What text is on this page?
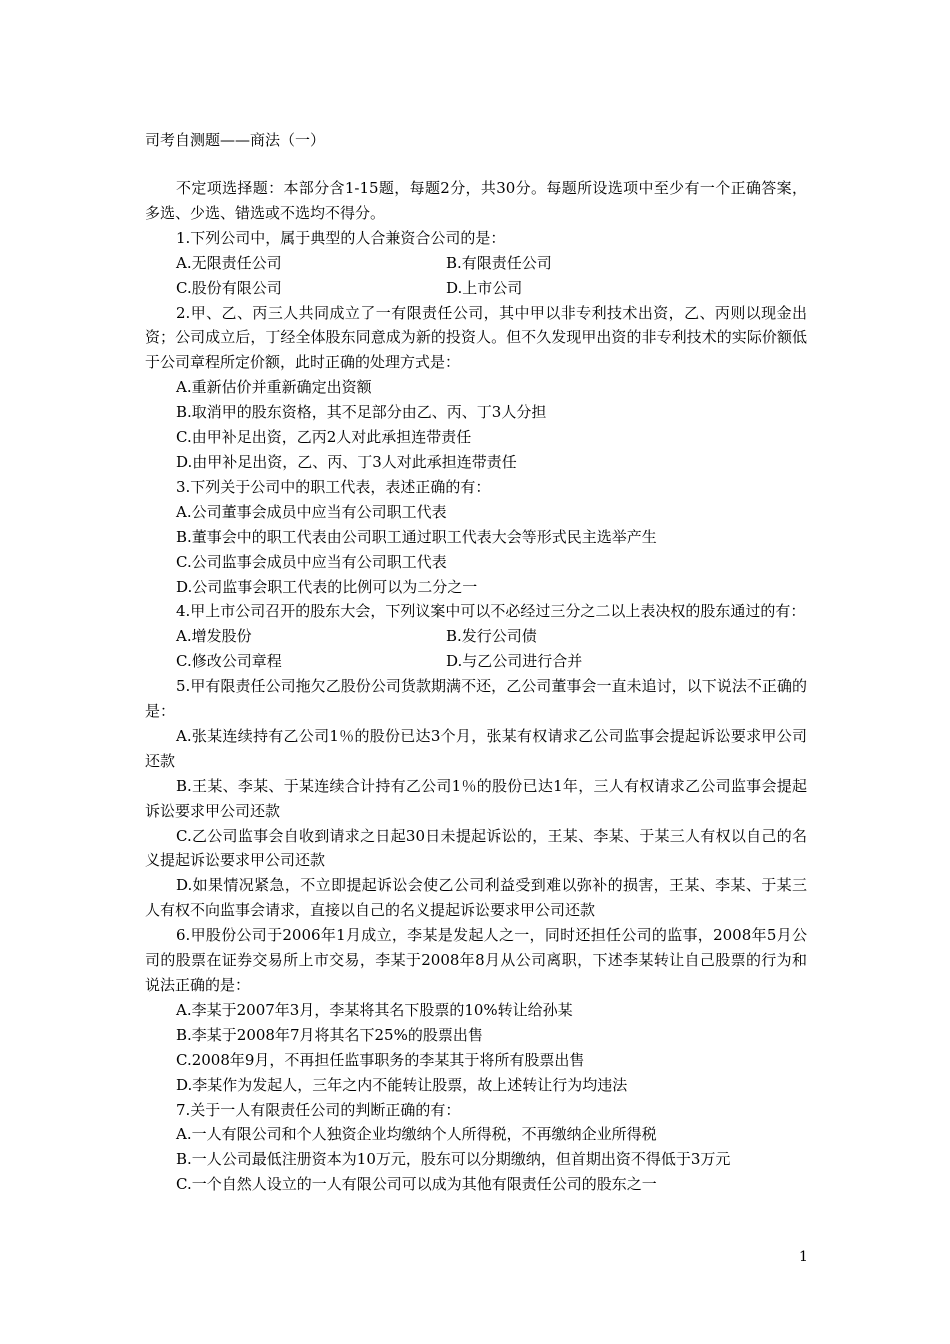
司考自测题——商法（一）

不定项选择题：本部分含1-15题，每题2分，共30分。每题所设选项中至少有一个正确答案，多选、少选、错选或不选均不得分。

1.下列公司中，属于典型的人合兼资合公司的是：

A.无限责任公司	B.有限责任公司
C.股份有限公司	D.上市公司

2.甲、乙、丙三人共同成立了一有限责任公司，其中甲以非专利技术出资，乙、丙则以现金出资；公司成立后，丁经全体股东同意成为新的投资人。但不久发现甲出资的非专利技术的实际价额低于公司章程所定价额，此时正确的处理方式是：

A.重新估价并重新确定出资额

B.取消甲的股东资格，其不足部分由乙、丙、丁3人分担

C.由甲补足出资，乙丙2人对此承担连带责任

D.由甲补足出资，乙、丙、丁3人对此承担连带责任

3.下列关于公司中的职工代表，表述正确的有：

A.公司董事会成员中应当有公司职工代表

B.董事会中的职工代表由公司职工通过职工代表大会等形式民主选举产生

C.公司监事会成员中应当有公司职工代表

D.公司监事会职工代表的比例可以为二分之一

4.甲上市公司召开的股东大会，下列议案中可以不必经过三分之二以上表决权的股东通过的有：

A.增发股份	B.发行公司债
C.修改公司章程	D.与乙公司进行合并

5.甲有限责任公司拖欠乙股份公司货款期满不还，乙公司董事会一直未追讨，以下说法不正确的是：

A.张某连续持有乙公司1％的股份已达3个月，张某有权请求乙公司监事会提起诉讼要求甲公司还款

B.王某、李某、于某连续合计持有乙公司1％的股份已达1年，三人有权请求乙公司监事会提起诉讼要求甲公司还款

C.乙公司监事会自收到请求之日起30日未提起诉讼的，王某、李某、于某三人有权以自己的名义提起诉讼要求甲公司还款

D.如果情况紧急，不立即提起诉讼会使乙公司利益受到难以弥补的损害，王某、李某、于某三人有权不向监事会请求，直接以自己的名义提起诉讼要求甲公司还款

6.甲股份公司于2006年1月成立，李某是发起人之一，同时还担任公司的监事，2008年5月公司的股票在证券交易所上市交易，李某于2008年8月从公司离职，下述李某转让自己股票的行为和说法正确的是：

A.李某于2007年3月，李某将其名下股票的10%转让给孙某

B.李某于2008年7月将其名下25%的股票出售

C.2008年9月，不再担任监事职务的李某其于将所有股票出售

D.李某作为发起人，三年之内不能转让股票，故上述转让行为均违法

7.关于一人有限责任公司的判断正确的有：

A.一人有限公司和个人独资企业均缴纳个人所得税，不再缴纳企业所得税

B.一人公司最低注册资本为10万元，股东可以分期缴纳，但首期出资不得低于3万元

C.一个自然人设立的一人有限公司可以成为其他有限责任公司的股东之一

1
